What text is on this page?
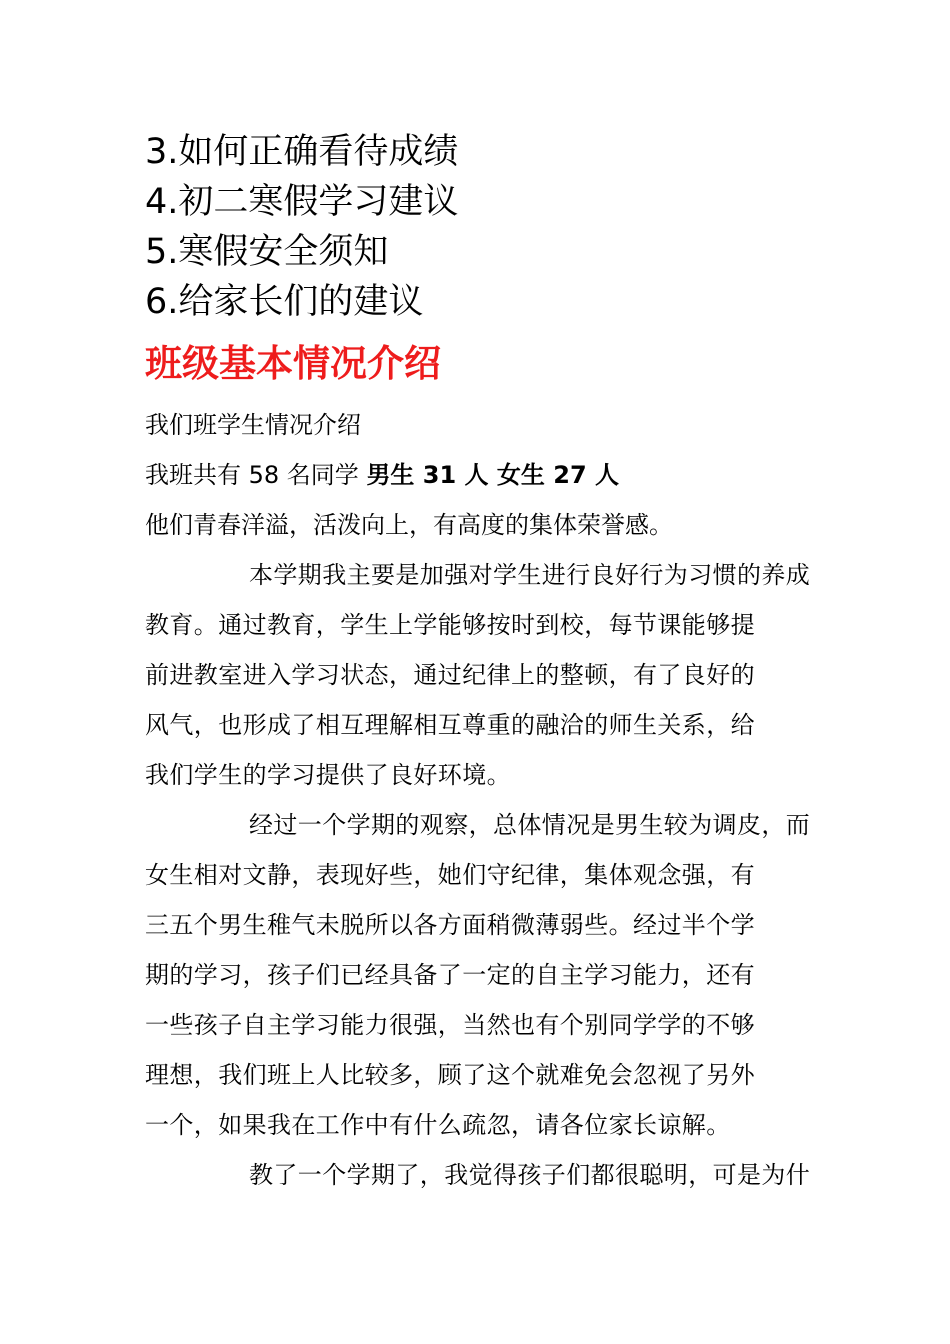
3.如何正确看待成绩
4.初二寒假学习建议
5.寒假安全须知
6.给家长们的建议
班级基本情况介绍
我们班学生情况介绍
我班共有 58 名同学 男生 31 人 女生 27 人
他们青春洋溢，活泼向上，有高度的集体荣誉感。
本学期我主要是加强对学生进行良好行为习惯的养成
教育。通过教育，学生上学能够按时到校，每节课能够提
前进教室进入学习状态，通过纪律上的整顿，有了良好的
风气，也形成了相互理解相互尊重的融洽的师生关系，给
我们学生的学习提供了良好环境。
经过一个学期的观察，总体情况是男生较为调皮，而
女生相对文静，表现好些，她们守纪律，集体观念强，有
三五个男生稚气未脱所以各方面稍微薄弱些。经过半个学
期的学习，孩子们已经具备了一定的自主学习能力，还有
一些孩子自主学习能力很强，当然也有个别同学学的不够
理想，我们班上人比较多，顾了这个就难免会忽视了另外
一个，如果我在工作中有什么疏忽，请各位家长谅解。
教了一个学期了，我觉得孩子们都很聪明，可是为什
